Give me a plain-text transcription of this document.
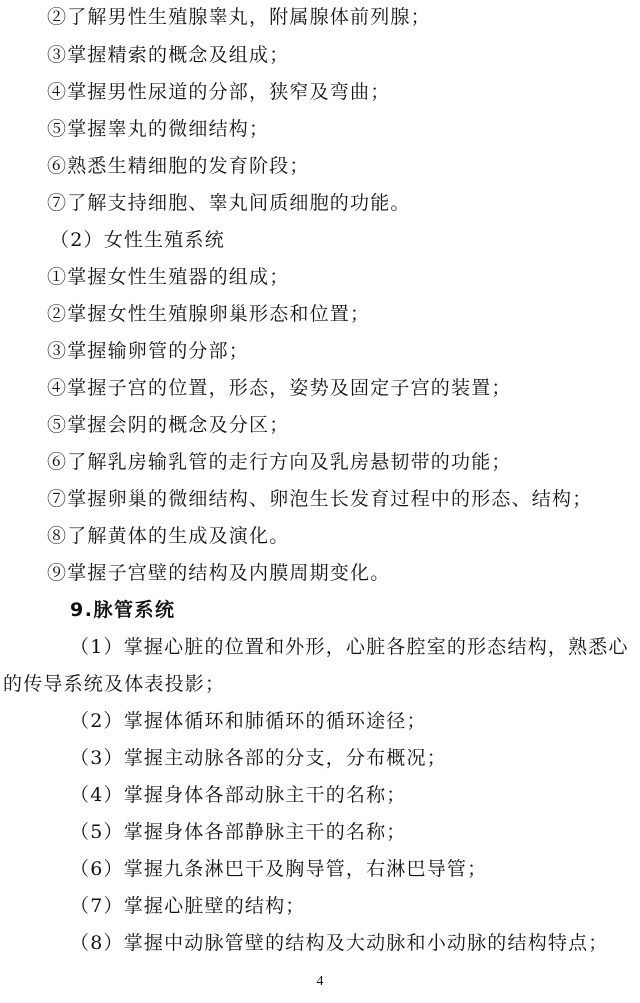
②了解男性生殖腺睾丸，附属腺体前列腺；
③掌握精索的概念及组成；
④掌握男性尿道的分部，狭窄及弯曲；
⑤掌握睾丸的微细结构；
⑥熟悉生精细胞的发育阶段；
⑦了解支持细胞、睾丸间质细胞的功能。
（2）女性生殖系统
①掌握女性生殖器的组成；
②掌握女性生殖腺卵巢形态和位置；
③掌握输卵管的分部；
④掌握子宫的位置，形态，姿势及固定子宫的装置；
⑤掌握会阴的概念及分区；
⑥了解乳房输乳管的走行方向及乳房悬韧带的功能；
⑦掌握卵巢的微细结构、卵泡生长发育过程中的形态、结构；
⑧了解黄体的生成及演化。
⑨掌握子宫壁的结构及内膜周期变化。
9.脉管系统
（1）掌握心脏的位置和外形，心脏各腔室的形态结构，熟悉心
的传导系统及体表投影；
（2）掌握体循环和肺循环的循环途径；
（3）掌握主动脉各部的分支，分布概况；
（4）掌握身体各部动脉主干的名称；
（5）掌握身体各部静脉主干的名称；
（6）掌握九条淋巴干及胸导管，右淋巴导管；
（7）掌握心脏壁的结构；
（8）掌握中动脉管壁的结构及大动脉和小动脉的结构特点；
4
